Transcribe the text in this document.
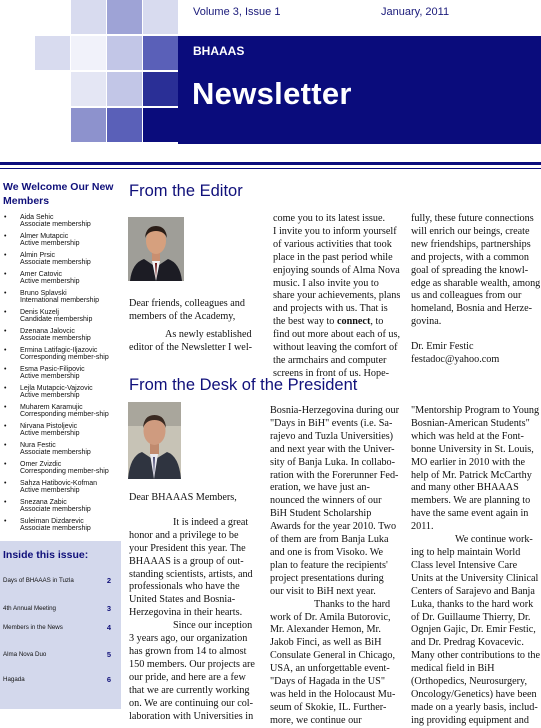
Volume 3, Issue 1	January, 2011
BHAAAS
Newsletter
We Welcome Our New Members
• Aida Sehic
Associate membership
• Almer Mutapcic
Active membership
• Almin Prsic
Associate membership
• Amer Catovic
Active membership
• Bruno Splavski
International membership
• Denis Kuzelj
Candidate membership
• Dzenana Jalovcic
Associate membership
• Ermina Latifagic-Iljazovic
Corresponding member-ship
• Esma Pasic-Filipovic
Active membership
• Lejla Mutapcic-Vajzovic
Active membership
• Muharem Karamujic
Corresponding member-ship
• Nirvana Pistoljevic
Active membership
• Nura Festic
Associate membership
• Omer Zvizdic
Corresponding member-ship
• Sahza Hatibovic-Kofman
Active membership
• Snezana Zabic
Associate membership
• Suleiman Dizdarevic
Associate membership
Inside this issue:
Days of BHAAAS in Tuzla	2
4th Annual Meeting	3
Members in the News	4
Alma Nova Duo	5
Hagada	6
From the Editor

Dear friends, colleagues and

members of the Academy,

As newly established

editor of the Newsletter I wel-

come you to its latest issue.

I invite you to inform yourself

of various activities that took

place in the past period while

enjoying sounds of Alma Nova

music. I also invite you to

share your achievements, plans

and projects with us. That is

the best way to connect, to

find out more about each of us,

without leaving the comfort of

the armchairs and computer

screens in front of us. Hope-

fully, these future connections

will enrich our beings, create

new friendships, partnerships

and projects, with a common

goal of spreading the knowl-

edge as sharable wealth, among

us and colleagues from our

homeland, Bosnia and Herze-

govina.

Dr. Emir Festic

festadoc@yahoo.com

From the Desk of the President

Dear BHAAAS Members,

It is indeed a great

honor and a privilege to be

your President this year. The

BHAAAS is a group of out-

standing scientists, artists, and

professionals who have the

United States and Bosnia-

Herzegovina in their hearts.

Since our inception

3 years ago, our organization

has grown from 14 to almost

150 members. Our projects are

our pride, and here are a few

that we are currently working

on. We are continuing our col-

laboration with Universities in

Bosnia-Herzegovina during our

"Days in BiH" events (i.e. Sa-

rajevo and Tuzla Universities)

and next year with the Univer-

sity of Banja Luka. In collabo-

ration with the Forerunner Fed-

eration, we have just an-

nounced the winners of our

BiH Student Scholarship

Awards for the year 2010. Two

of them are from Banja Luka

and one is from Visoko. We

plan to feature the recipients'

project presentations during

our visit to BiH next year.

Thanks to the hard

work of Dr. Amila Butorovic,

Mr. Alexander Hemon, Mr.

Jakob Finci, as well as BiH

Consulate General in Chicago,

USA, an unforgettable event-

"Days of Hagada in the US"

was held in the Holocaust Mu-

seum of Skokie, IL. Further-

more, we continue our

"Mentorship Program to Young

Bosnian-American Students"

which was held at the Font-

bonne University in St. Louis,

MO earlier in 2010 with the

help of Mr. Patrick McCarthy

and many other BHAAAS

members. We are planning to

have the same event again in

2011.

We continue work-

ing to help maintain World

Class level Intensive Care

Units at the University Clinical

Centers of Sarajevo and Banja

Luka, thanks to the hard work

of Dr. Guillaume Thierry, Dr.

Ognjen Gajic, Dr. Emir Festic,

and Dr. Predrag Kovacevic.

Many other contributions to the

medical field in BiH

(Orthopedics, Neurosurgery,

Oncology/Genetics) have been

made on a yearly basis, includ-

ing providing equipment and
